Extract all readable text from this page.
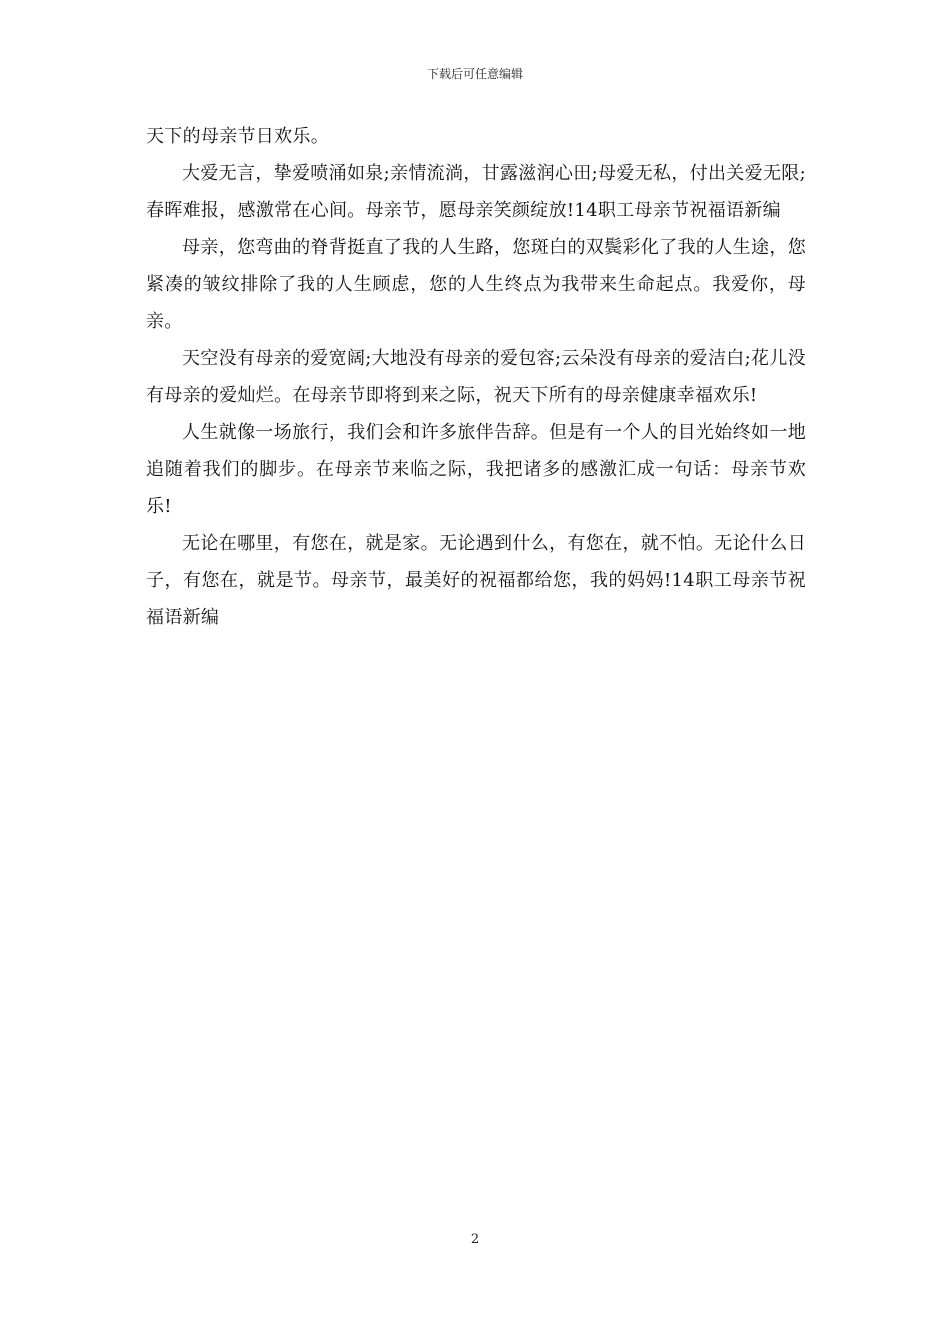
下载后可任意编辑

天下的母亲节日欢乐。

大爱无言，挚爱喷涌如泉;亲情流淌，甘露滋润心田;母爱无私，付出关爱无限;春晖难报，感激常在心间。母亲节，愿母亲笑颜绽放!14职工母亲节祝福语新编

母亲，您弯曲的脊背挺直了我的人生路，您斑白的双鬓彩化了我的人生途，您紧凑的皱纹排除了我的人生顾虑，您的人生终点为我带来生命起点。我爱你，母亲。

天空没有母亲的爱宽阔;大地没有母亲的爱包容;云朵没有母亲的爱洁白;花儿没有母亲的爱灿烂。在母亲节即将到来之际，祝天下所有的母亲健康幸福欢乐!

人生就像一场旅行，我们会和许多旅伴告辞。但是有一个人的目光始终如一地追随着我们的脚步。在母亲节来临之际，我把诸多的感激汇成一句话：母亲节欢乐!

无论在哪里，有您在，就是家。无论遇到什么，有您在，就不怕。无论什么日子，有您在，就是节。母亲节，最美好的祝福都给您，我的妈妈!14职工母亲节祝福语新编

2
